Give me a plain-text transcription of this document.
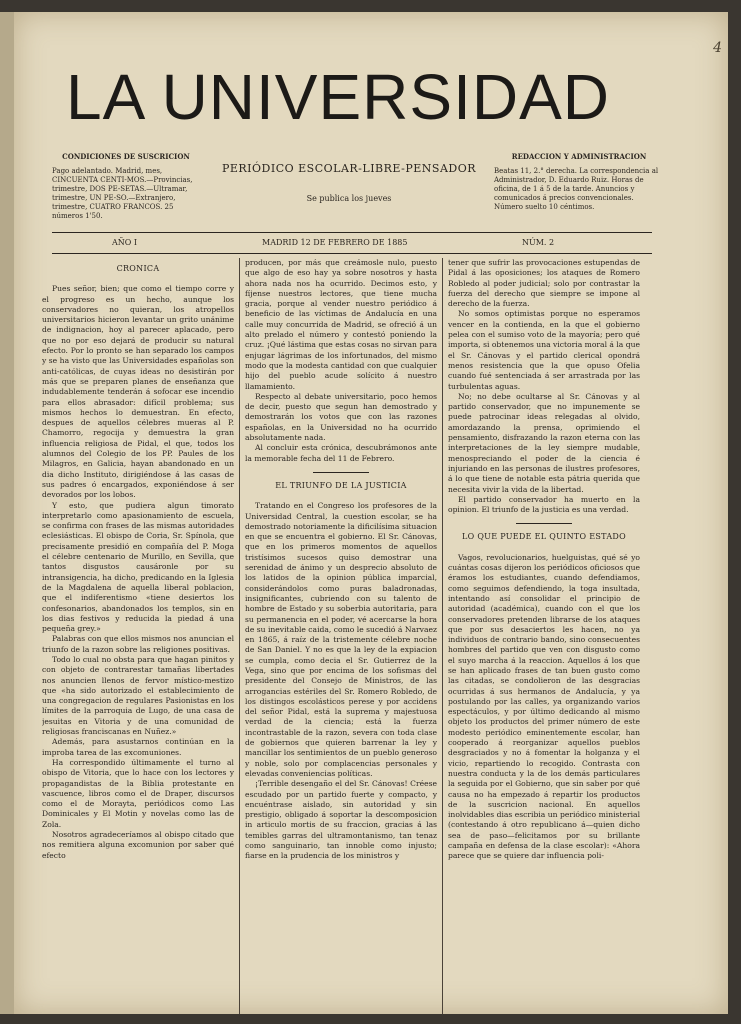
4
LA UNIVERSIDAD
CONDICIONES DE SUSCRICION
Pago adelantado. Madrid, mes, CINCUENTA CENTI-MOS.—Provincias, trimestre, DOS PE-SETAS.—Ultramar, trimestre, UN PE-SO.—Extranjero, trimestre, CUATRO FRANCOS. 25 números 1'50.
PERIÓDICO ESCOLAR-LIBRE-PENSADOR
Se publica los jueves
REDACCION Y ADMINISTRACION
Beatas 11, 2.° derecha. La correspondencia al Administrador, D. Eduardo Ruiz. Horas de oficina, de 1 á 5 de la tarde. Anuncios y comunicados á precios convencionales. Número suelto 10 céntimos.
AÑO I	MADRID 12 DE FEBRERO DE 1885	NÚM. 2
CRONICA

Pues señor, bien; que como el tiempo corre y el progreso es un hecho, aunque los conservadores no quieran, los atropellos universitarios hicieron levantar un grito unánime de indignacion, hoy al parecer aplacado, pero que no por eso dejará de producir su natural efecto. Por lo pronto se han separado los campos y se ha visto que las Universidades españolas son anti-católicas, de cuyas ideas no desistirán por más que se preparen planes de enseñanza que indudablemente tenderán á sofocar ese incendio para ellos abrasador: difícil problema; sus mismos hechos lo demuestran. En efecto, despues de aquellos célebres mueras al P. Chamorro, regocija y demuestra la gran influencia religiosa de Pidal, el que, todos los alumnos del Colegio de los PP. Paules de los Milagros, en Galicia, hayan abandonado en un dia dicho Instituto, dirigiéndose á las casas de sus padres ó encargados, exponiéndose á ser devorados por los lobos.

Y esto, que pudiera algun timorato interpretarlo como apasionamiento de escuela, se confirma con frases de las mismas autoridades eclesiásticas. El obispo de Coria, Sr. Spínola, que precisamente presidió en compañía del P. Moga el célebre centenario de Murillo, en Sevilla, que tantos disgustos causáronle por su intransigencia, ha dicho, predicando en la Iglesia de la Magdalena de aquella liberal poblacion, que el indiferentismo «tiene desiertos los confesonarios, abandonados los templos, sin en los dias festivos y reducida la piedad á una pequeña grey.»

Palabras con que ellos mismos nos anuncian el triunfo de la razon sobre las religiones positivas.

Todo lo cual no obsta para que hagan pinitos y con objeto de contrarestar tamañas libertades nos anuncien llenos de fervor místico-mestizo que «ha sido autorizado el establecimiento de una congregacion de regulares Pasionistas en los límites de la parroquia de Lugo, de una casa de jesuitas en Vitoria y de una comunidad de religiosas franciscanas en Nuñez.»

Además, para asustarnos continúan en la improba tarea de las excomuniones.

Ha correspondido últimamente el turno al obispo de Vitoria, que lo hace con los lectores y propagandistas de la Biblia protestante en vascuence, libros como el de Draper, discursos como el de Morayta, periódicos como Las Dominicales y El Motin y novelas como las de Zola.

Nosotros agradeceríamos al obispo citado que nos remitiera alguna excomunion por saber qué efecto

producen, por más que creámosle nulo, puesto que algo de eso hay ya sobre nosotros y hasta ahora nada nos ha ocurrido. Decimos esto, y fíjense nuestros lectores, que tiene mucha gracia, porque al vender nuestro periódico á beneficio de las víctimas de Andalucía en una calle muy concurrida de Madrid, se ofreció á un alto prelado el número y contestó poniendo la cruz. ¡Qué lástima que estas cosas no sirvan para enjugar lágrimas de los infortunados, del mismo modo que la modesta cantidad con que cualquier hijo del pueblo acude solícito á nuestro llamamiento.

Respecto al debate universitario, poco hemos de decir, puesto que segun han demostrado y demostrarán los votos que con las razones españolas, en la Universidad no ha ocurrido absolutamente nada.

Al concluir esta crónica, descubrámonos ante la memorable fecha del 11 de Febrero.

EL TRIUNFO DE LA JUSTICIA

Tratando en el Congreso los profesores de la Universidad Central, la cuestion escolar, se ha demostrado notoriamente la dificilísima situacion en que se encuentra el gobierno. El Sr. Cánovas, que en los primeros momentos de aquellos tristísimos sucesos quiso demostrar una serenidad de ánimo y un desprecio absoluto de los latidos de la opinion pública imparcial, considerándolos como puras baladronadas, insignificantes, cubriendo con su talento de hombre de Estado y su soberbia autoritaria, para su permanencia en el poder, vé acercarse la hora de su inevitable caida, como le sucedió á Narvaez en 1865, á raíz de la tristemente célebre noche de San Daniel. Y no es que la ley de la expiacion se cumpla, como decia el Sr. Gutierrez de la Vega, sino que por encima de los sofismas del presidente del Consejo de Ministros, de las arrogancias estériles del Sr. Romero Robledo, de los distingos escolásticos perese y por accidens del señor Pidal, está la suprema y majestuosa verdad de la ciencia; está la fuerza incontrastable de la razon, severa con toda clase de gobiernos que quieren barrenar la ley y mancillar los sentimientos de un pueblo generoso y noble, solo por complacencias personales y elevadas conveniencias políticas.

¡Terrible desengaño el del Sr. Cánovas! Créese escudado por un partido fuerte y compacto, y encuéntrase aislado, sin autoridad y sin prestigio, obligado á soportar la descomposicion in articulo mortis de su fraccion, gracias á las temibles garras del ultramontanismo, tan tenaz como sanguinario, tan innoble como injusto; fiarse en la prudencia de los ministros y

tener que sufrir las provocaciones estupendas de Pidal á las oposiciones; los ataques de Romero Robledo al poder judicial; solo por contrastar la fuerza del derecho que siempre se impone al derecho de la fuerza.

No somos optimistas porque no esperamos vencer en la contienda, en la que el gobierno pelea con el sumiso voto de la mayoría; pero qué importa, si obtenemos una victoria moral á la que el Sr. Cánovas y el partido clerical opondrá menos resistencia que la que opuso Ofelia cuando fué sentenciada á ser arrastrada por las turbulentas aguas.

No; no debe ocultarse al Sr. Cánovas y al partido conservador, que no impunemente se puede patrocinar ideas relegadas al olvido, amordazando la prensa, oprimiendo el pensamiento, disfrazando la razon eterna con las interpretaciones de la ley siempre mudable, menospreciando el poder de la ciencia é injuriando en las personas de ilustres profesores, á lo que tiene de notable esta pátria querida que necesita vivir la vida de la libertad.

El partido conservador ha muerto en la opinion. El triunfo de la justicia es una verdad.

LO QUE PUEDE EL QUINTO ESTADO

Vagos, revolucionarios, huelguistas, qué sé yo cuántas cosas dijeron los periódicos oficiosos que éramos los estudiantes, cuando defendiamos, como seguimos defendiendo, la toga insultada, intentando así consolidar el principio de autoridad (académica), cuando con el que los conservadores pretenden librarse de los ataques que por sus desaciertos les hacen, no ya individuos de contrario bando, sino consecuentes hombres del partido que ven con disgusto como el suyo marcha á la reaccion. Aquellos á los que se han aplicado frases de tan buen gusto como las citadas, se condolieron de las desgracias ocurridas á sus hermanos de Andalucía, y ya postulando por las calles, ya organizando varios espectáculos, y por último dedicando al mismo objeto los productos del primer número de este modesto periódico eminentemente escolar, han cooperado á reorganizar aquellos pueblos desgraciados y no á fomentar la holganza y el vicio, repartiendo lo recogido. Contrasta con nuestra conducta y la de los demás particulares la seguida por el Gobierno, que sin saber por qué causa no ha empezado á repartir los productos de la suscricion nacional. En aquellos inolvidables dias escribia un periódico ministerial (contestando á otro republicano á—quien dicho sea de paso—felicitamos por su brillante campaña en defensa de la clase escolar): «Ahora parece que se quiere dar influencia poli-
